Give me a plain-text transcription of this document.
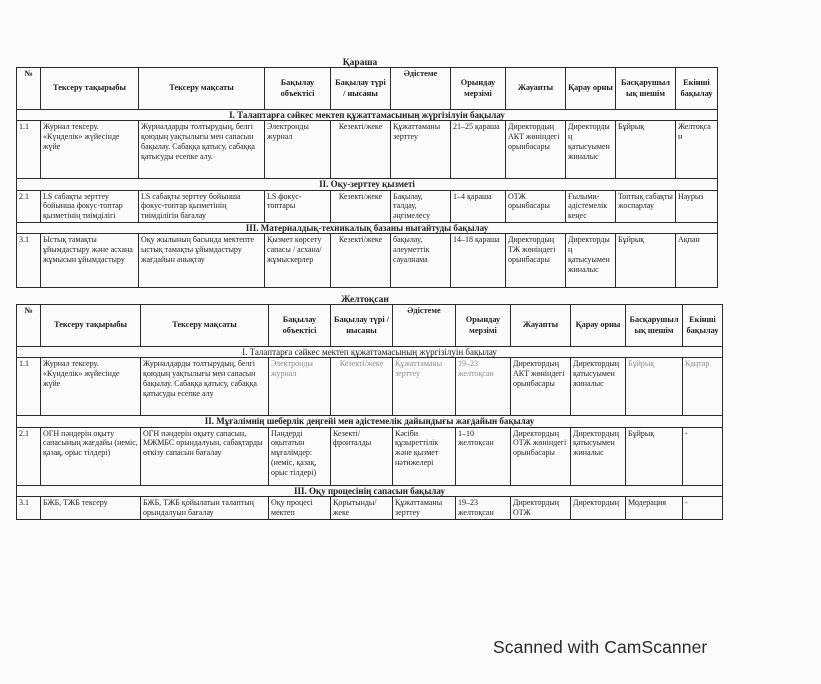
Қараша
№	Тексеру тақырыбы	Тексеру мақсаты	Бақылау объектісі	Бақылау түрі / нысаны	Әдістеме	Орындау мерзімі	Жауапты	Қарау орны	Басқарушылық шешім	Екінші бақылау
I. Талаптарға сәйкес мектеп құжаттамасының жүргізілуін бақылау										
1.1	Журнал тексеру. «Күнделік» жүйесінде жүйе	Журналдарды толтырудың, белгі қоюдың уақтылығы мен сапасын бақылау. Сабаққа қатысу, сабаққа қатысуды есепке алу.	Электронды журнал	Кезекті/жеке	Құжаттаманы зерттеу	21–25 қараша	Директордың АКТ жөніндегі орынбасары	Директордың қатысуымен жиналыс	Бұйрық	Желтоқсан
II. Оқу-зерттеу қызметі										
2.1	LS сабақты зерттеу бойынша фокус-топтар қызметінің тиімділігі	LS сабақты зерттеу бойынша фокус-топтар қызметінің тиімділігін бағалау	LS фокус-топтары	Кезекті/жеке	Бақылау, талдау, әңгімелесу	1–4 қараша	ОТЖ орынбасары	Ғылыми-әдістемелік кеңес	Топтық сабақты жоспарлау	Наурыз
III. Материалдық-техникалық базаны нығайтуды бақылау										
3.1	Ыстық тамақты ұйымдастыру және асхана жұмысын ұйымдастыру	Оқу жылының басында мектепте ыстық тамақты ұйымдастыру жағдайын анықтау	Қызмет көрсету сапасы / асхана/жұмыскерлер	Кезекті/жеке	бақылау, әлеуметтік сауалнама	14–18 қараша	Директордың ТЖ жөніндегі орынбасары	Директордың қатысуымен жиналыс	Бұйрық	Ақпан
Желтоқсан
№	Тексеру тақырыбы	Тексеру мақсаты	Бақылау объектісі	Бақылау түрі / нысаны	Әдістеме	Орындау мерзімі	Жауапты	Қарау орны	Басқарушылық шешім	Екінші бақылау
I. Талаптарға сәйкес мектеп құжаттамасының жүргізілуін бақылау										
1.1	Журнал тексеру. «Күнделік» жүйесінде жүйе	Журналдарды толтырудың, белгі қоюдың уақтылығы мен сапасын бақылау. Сабаққа қатысу, сабаққа қатысуды есепке алу	Электронды журнал	Кезекті/жеке	Құжаттаманы зерттеу	19–23 желтоқсан	Директордың АКТ жөніндегі орынбасары	Директордың қатысуымен жиналыс	Бұйрық	Қаңтар
II. Мұғалімнің шеберлік деңгейі мен әдістемелік дайындығы жағдайын бақылау										
2.1	ОГН пәндерін оқыту сапасының жағдайы (неміс, қазақ, орыс тілдері)	ОГН пәндерін оқыту сапасын, МЖМБС орындалуын, сабақтарды өткізу сапасын бағалау	Пәндерді оқытатын мұғалімдер: (неміс, қазақ, орыс тілдері)	Кезекті/ фронталды	Кәсіби құзыреттілік және қызмет нәтижелері	1–10 желтоқсан	Директордың ОТЖ жөніндегі орынбасары	Директордың қатысуымен жиналыс	Бұйрық	-
III. Оқу процесінің сапасын бақылау										
3.1	БЖБ, ТЖБ тексеру	БЖБ, ТЖБ қойылатын талаптың орындалуын бағалау	Оқу процесі мектеп	Қорытынды/ жеке	Құжаттаманы зерттеу	19–23 желтоқсан	Директордың ОТЖ	Директордың	Модерация	-
Scanned with CamScanner
